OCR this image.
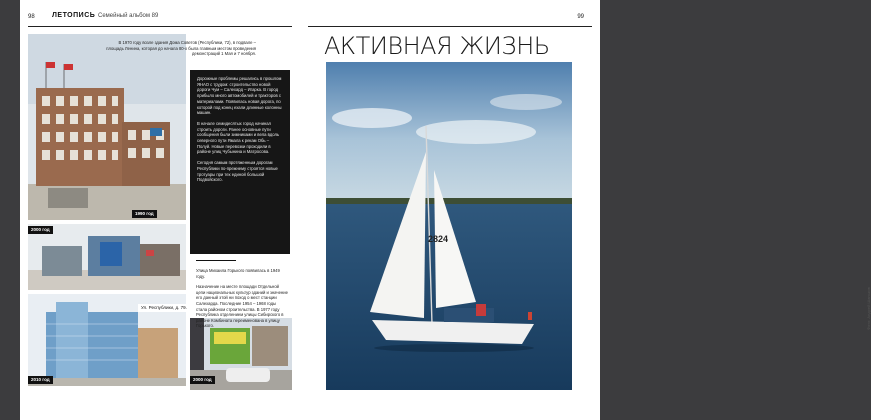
98 ЛЕТОПИСЬ Семейный альбом 89
В 1970 году возле здания Дома Советов (Республики, 72), в подвале – площадь Ленина, которая до начала 80-х была главным местом проведения демонстраций 1 Мая и 7 ноября.
1990 год
2000 год
Ул. Республики, д. 79.
2010 год	2000 год

Дорожные проблемы решались в прошлом ЯНАО с трудом: строительство новой дороги Чум – Салехард – Игарка. В город прибыло много автомобилей и тракторов с материалами. Появилась новая дорога, по которой под конец ехали длинные колонны машин.

В начале семидесятых город начинал строить дороги. Ранее основные пути сообщения были зимниками и вела вдоль северного пути Ямала к рекам Обь – Полуй. Новые перевозки проходили в районе улиц Чубынина и Матросова.

Сегодня самым протяженным дорогам Республики по-прежнему строятся новые тротуары при тех единой большой Подвойского.

Улица Михаила Горького появилась в 1949 году.

Назначение на месте площади Отдельной цепи национальных культур зданий и значение его данный этой ни поход о мест станции Салехарда. Последние 1954 – 1968 годы стала районом строительства. В 1977 году Республика отделением улицы Сибирского в районе Комбината переименована в улицу Горького.

99
АКТИВНАЯ ЖИЗНЬ
2824
Фото: Андрей Шаньков
